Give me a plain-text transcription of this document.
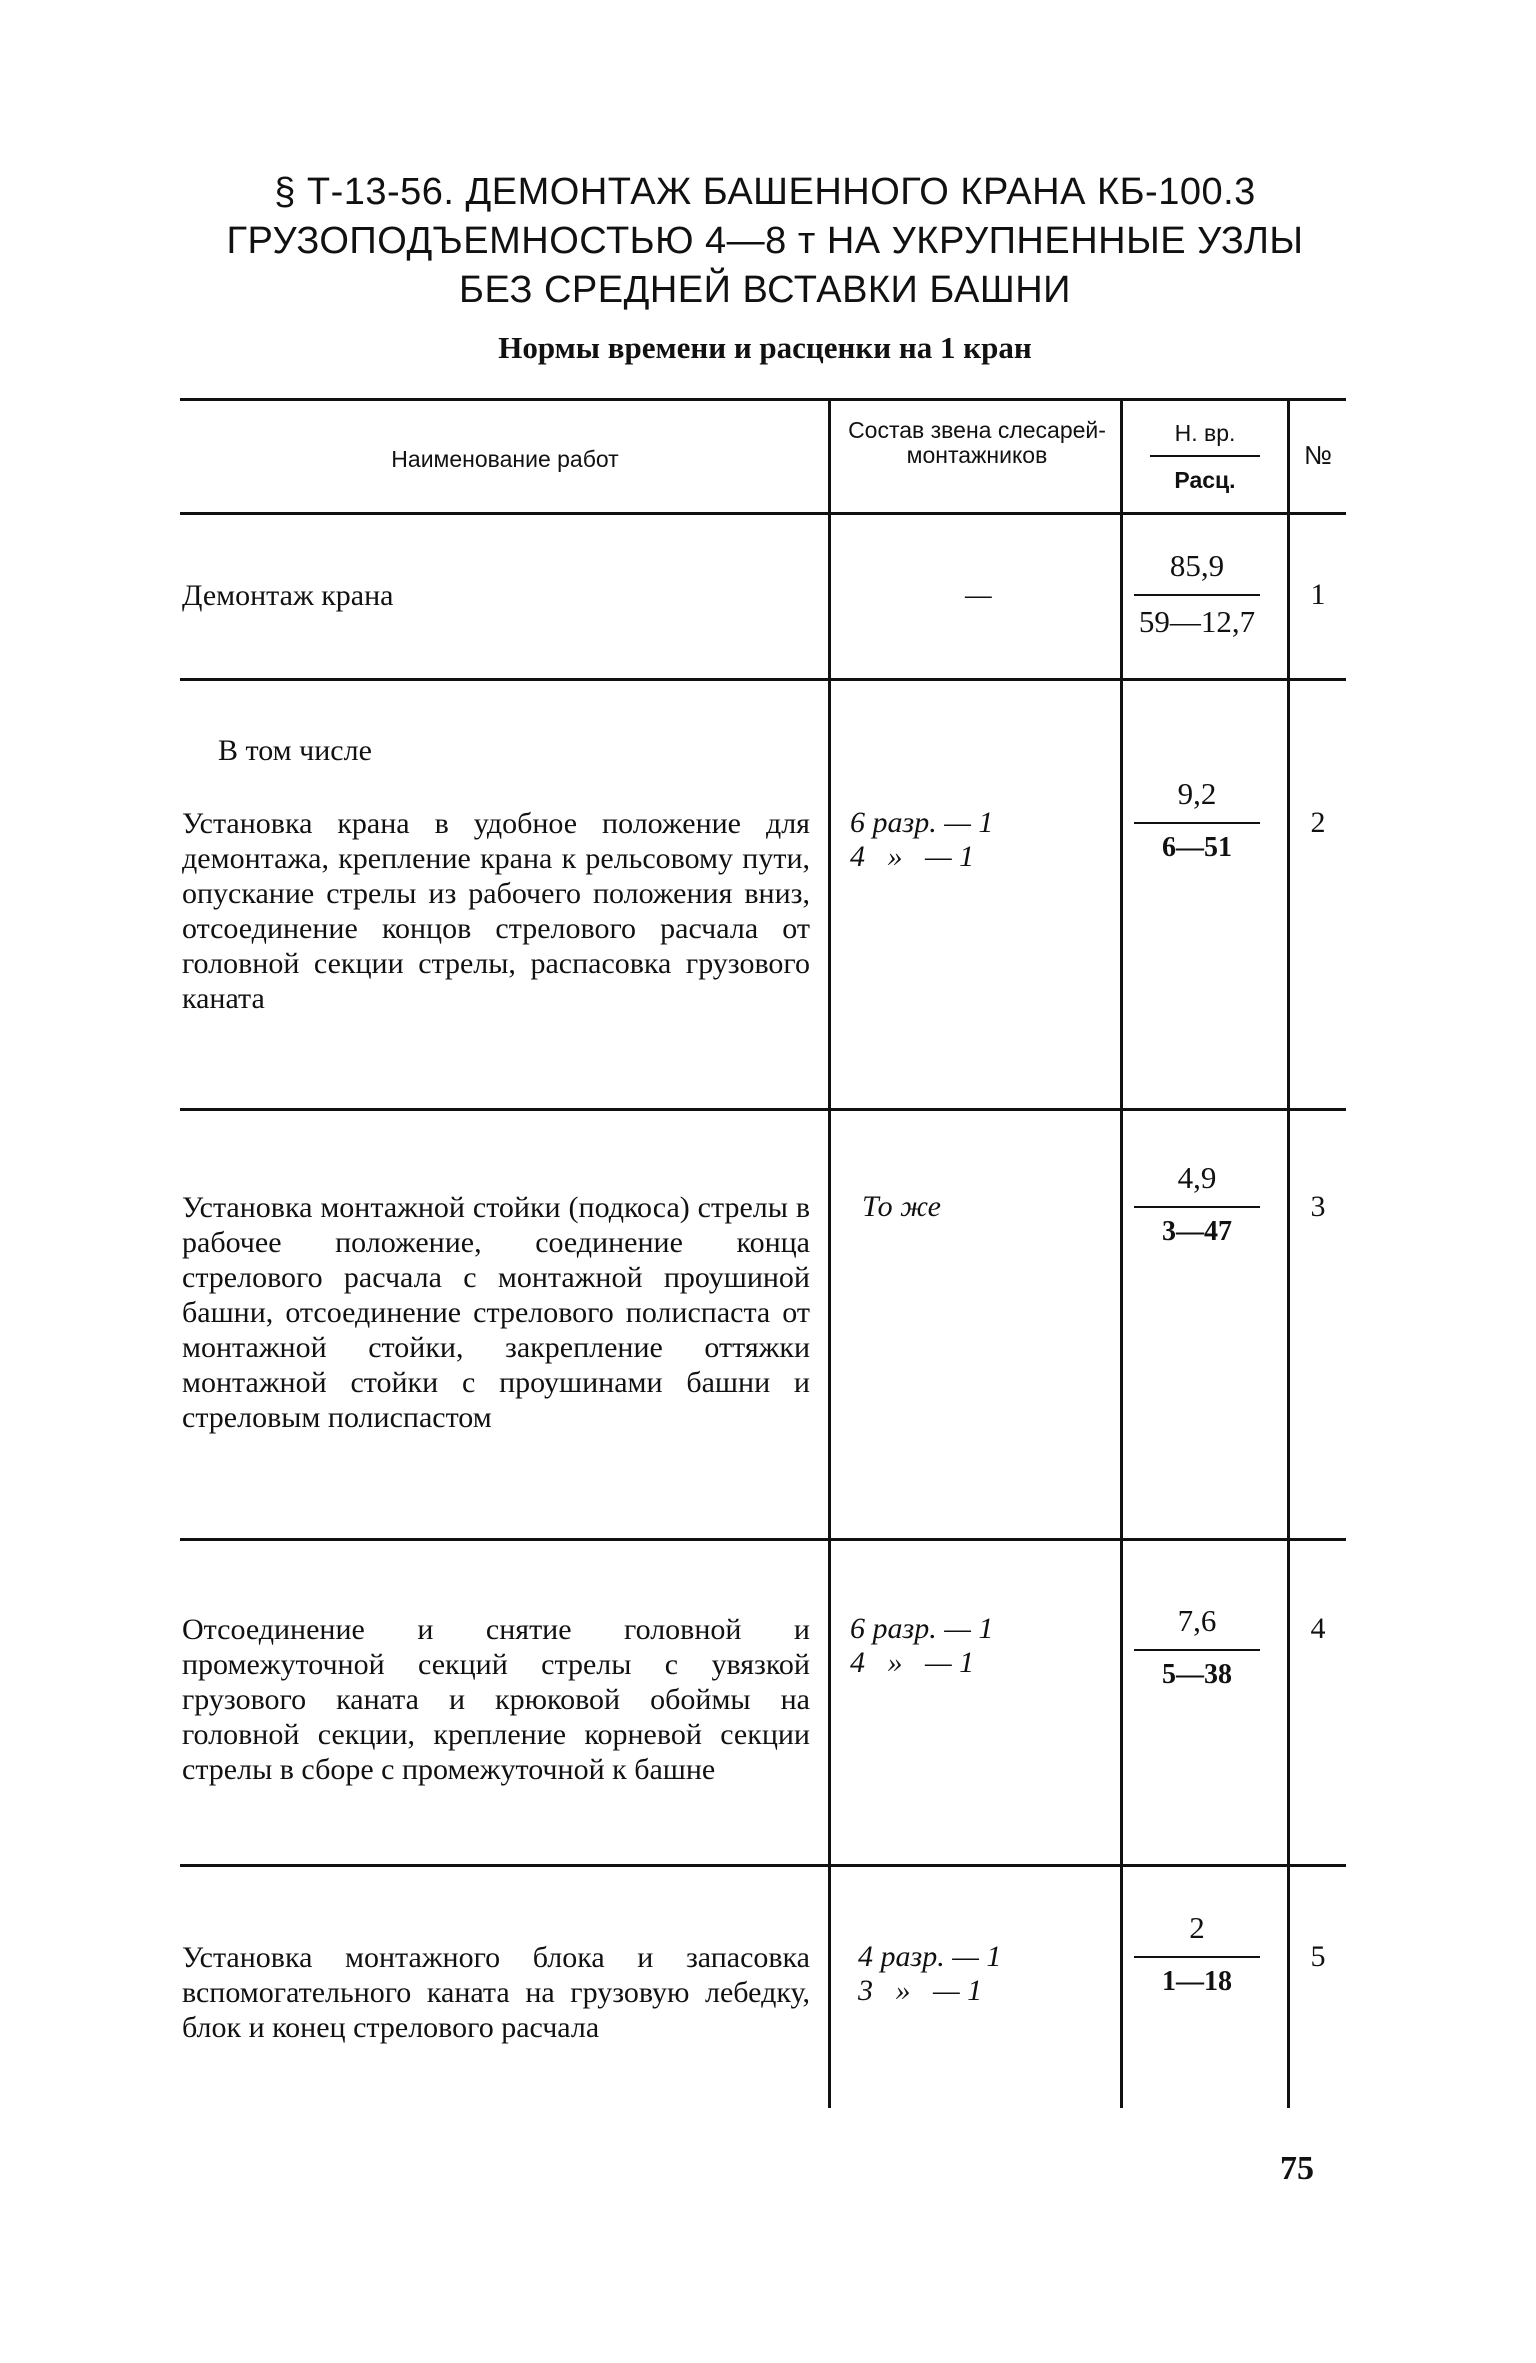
§ Т-13-56. ДЕМОНТАЖ БАШЕННОГО КРАНА КБ-100.3
ГРУЗОПОДЪЕМНОСТЬЮ 4—8 т НА УКРУПНЕННЫЕ УЗЛЫ
БЕЗ СРЕДНЕЙ ВСТАВКИ БАШНИ
Нормы времени и расценки на 1 кран
Наименование работ
Состав звена слесарей-монтажников
Н. вр.
Расц.
№
Демонтаж крана	—
85,9
59—12,7
1
В том числе
Установка крана в удобное положение для демонтажа, крепление крана к рельсовому пути, опускание стрелы из рабочего положения вниз, отсоединение концов стрелового расчала от головной секции стрелы, распасовка грузового каната
6 разр. — 1
4   »   — 1
9,2
6—51
2
Установка монтажной стойки (подкоса) стрелы в рабочее положение, соединение конца стрелового расчала с монтажной проушиной башни, отсоединение стрелового полиспаста от монтажной стойки, закрепление оттяжки монтажной стойки с проушинами башни и стреловым полиспастом
То же
4,9
3—47
3
Отсоединение и снятие головной и промежуточной секций стрелы с увязкой грузового каната и крюковой обоймы на головной секции, крепление корневой секции стрелы в сборе с промежуточной к башне
6 разр. — 1
4   »   — 1
7,6
5—38
4
Установка монтажного блока и запасовка вспомогательного каната на грузовую лебедку, блок и конец стрелового расчала
4 разр. — 1
3   »   — 1
2
1—18
5
75
